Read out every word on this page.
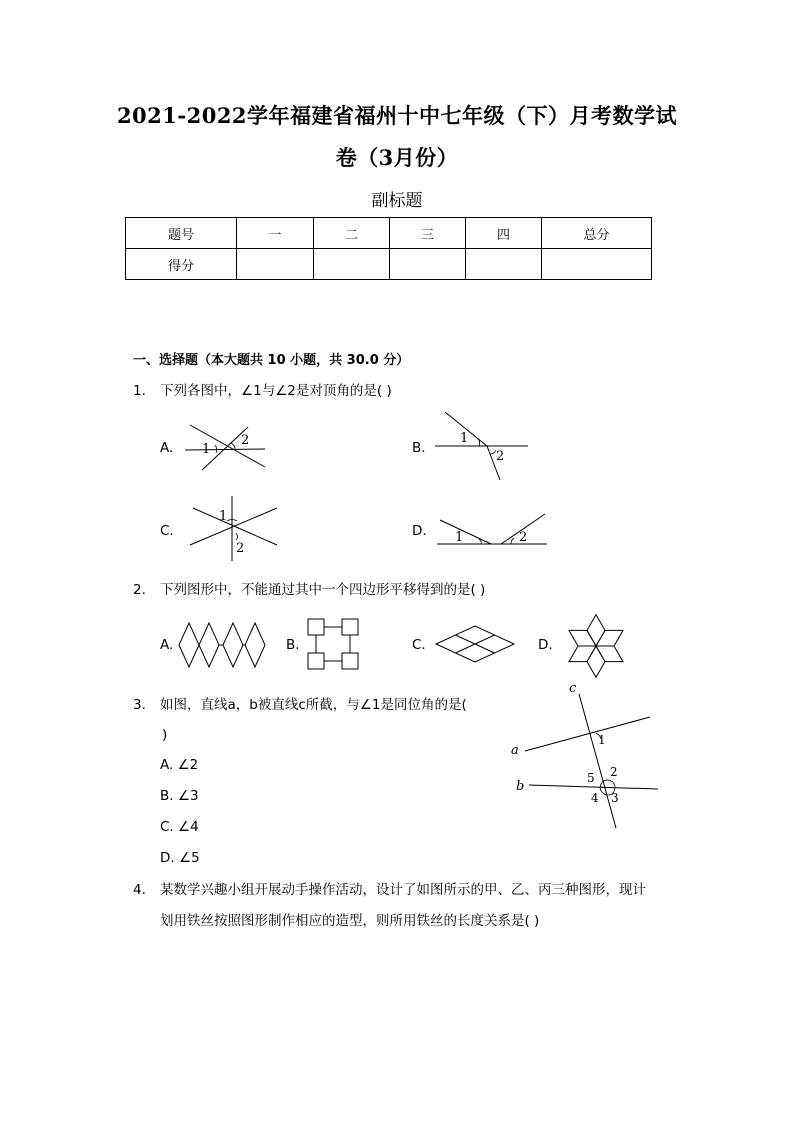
2021-2022学年福建省福州十中七年级（下）月考数学试
卷（3月份）
副标题
题号	一	二	三	四	总分
得分					
一、选择题（本大题共 10 小题，共 30.0 分）
1. 下列各图中，∠1与∠2是对顶角的是( )
A.	B.
C.	D.
1
2	1
2
1
2
1	2
2. 下列图形中，不能通过其中一个四边形平移得到的是( )
A.	B.	C.	D.
3. 如图，直线a，b被直线c所截，与∠1是同位角的是(
)
A. ∠2
B. ∠3
C. ∠4
D. ∠5
c
a
b
1
2
3
4
5
4. 某数学兴趣小组开展动手操作活动，设计了如图所示的甲、乙、丙三种图形，现计
划用铁丝按照图形制作相应的造型，则所用铁丝的长度关系是( )
